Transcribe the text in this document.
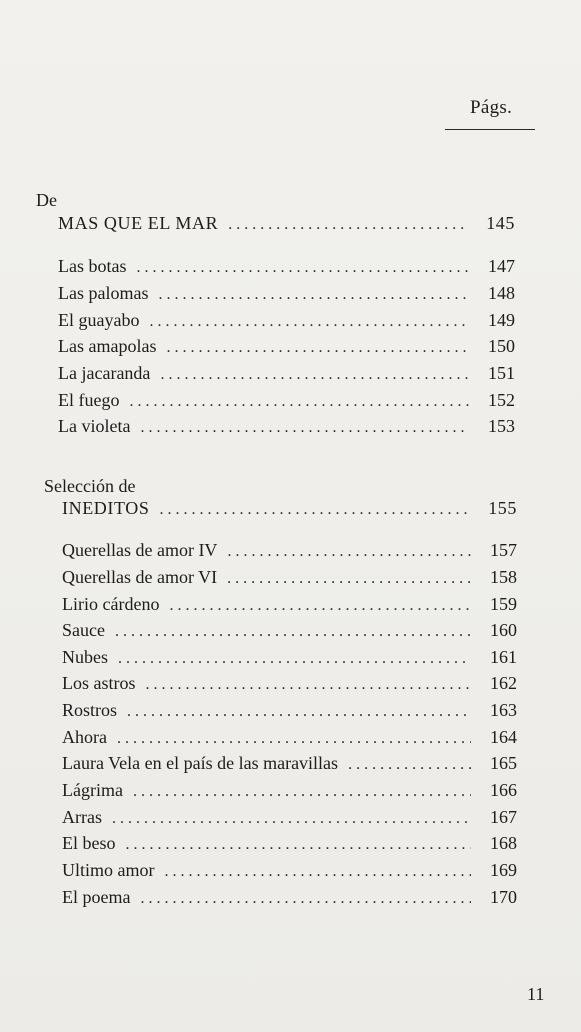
Págs.
De
MAS QUE EL MAR . . .	145
Las botas . . .	147
Las palomas . . .	148
El guayabo . . .	149
Las amapolas . . .	150
La jacaranda . . .	151
El fuego . . .	152
La violeta . . .	153
Selección de
INEDITOS . . .	155
Querellas de amor IV . . .	157
Querellas de amor VI . . .	158
Lirio cárdeno . . .	159
Sauce . . .	160
Nubes . . .	161
Los astros . . .	162
Rostros . . .	163
Ahora . . .	164
Laura Vela en el país de las maravillas . . .	165
Lágrima . . .	166
Arras . . .	167
El beso . . .	168
Ultimo amor . . .	169
El poema . . .	170
11
